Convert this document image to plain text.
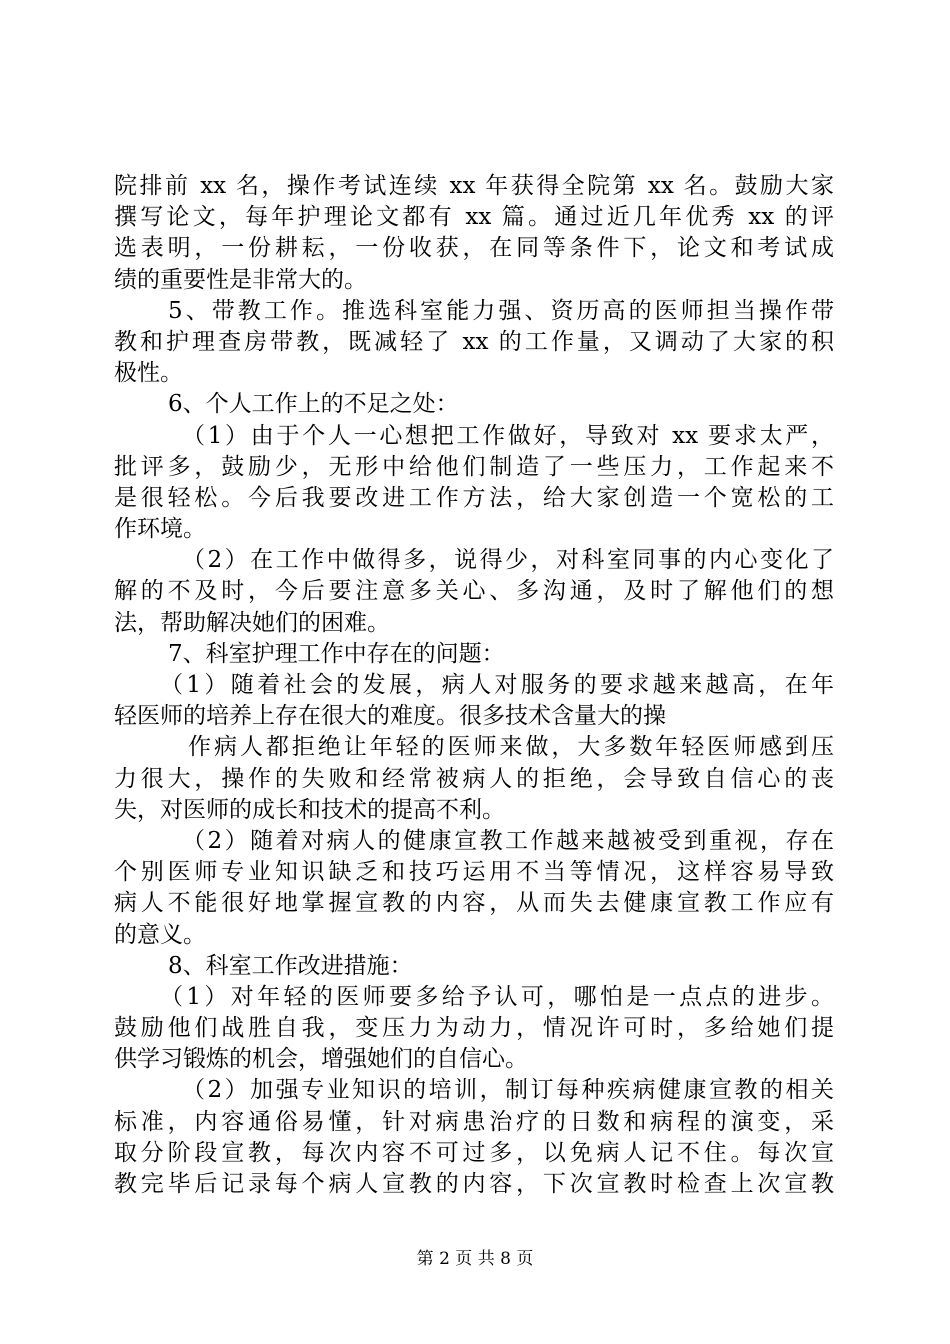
院排前 xx 名，操作考试连续 xx 年获得全院第 xx 名。鼓励大家
撰写论文，每年护理论文都有 xx 篇。通过近几年优秀 xx 的评
选表明，一份耕耘，一份收获，在同等条件下，论文和考试成
绩的重要性是非常大的。
5、带教工作。推选科室能力强、资历高的医师担当操作带
教和护理查房带教，既减轻了 xx 的工作量，又调动了大家的积
极性。
6、个人工作上的不足之处：
（1）由于个人一心想把工作做好，导致对 xx 要求太严，
批评多，鼓励少，无形中给他们制造了一些压力，工作起来不
是很轻松。今后我要改进工作方法，给大家创造一个宽松的工
作环境。
（2）在工作中做得多，说得少，对科室同事的内心变化了
解的不及时，今后要注意多关心、多沟通，及时了解他们的想
法，帮助解决她们的困难。
7、科室护理工作中存在的问题：
（1）随着社会的发展，病人对服务的要求越来越高，在年
轻医师的培养上存在很大的难度。很多技术含量大的操
作病人都拒绝让年轻的医师来做，大多数年轻医师感到压
力很大，操作的失败和经常被病人的拒绝，会导致自信心的丧
失，对医师的成长和技术的提高不利。
（2）随着对病人的健康宣教工作越来越被受到重视，存在
个别医师专业知识缺乏和技巧运用不当等情况，这样容易导致
病人不能很好地掌握宣教的内容，从而失去健康宣教工作应有
的意义。
8、科室工作改进措施：
（1）对年轻的医师要多给予认可，哪怕是一点点的进步。
鼓励他们战胜自我，变压力为动力，情况许可时，多给她们提
供学习锻炼的机会，增强她们的自信心。
（2）加强专业知识的培训，制订每种疾病健康宣教的相关
标准，内容通俗易懂，针对病患治疗的日数和病程的演变，采
取分阶段宣教，每次内容不可过多，以免病人记不住。每次宣
教完毕后记录每个病人宣教的内容，下次宣教时检查上次宣教
第 2 页 共 8 页
